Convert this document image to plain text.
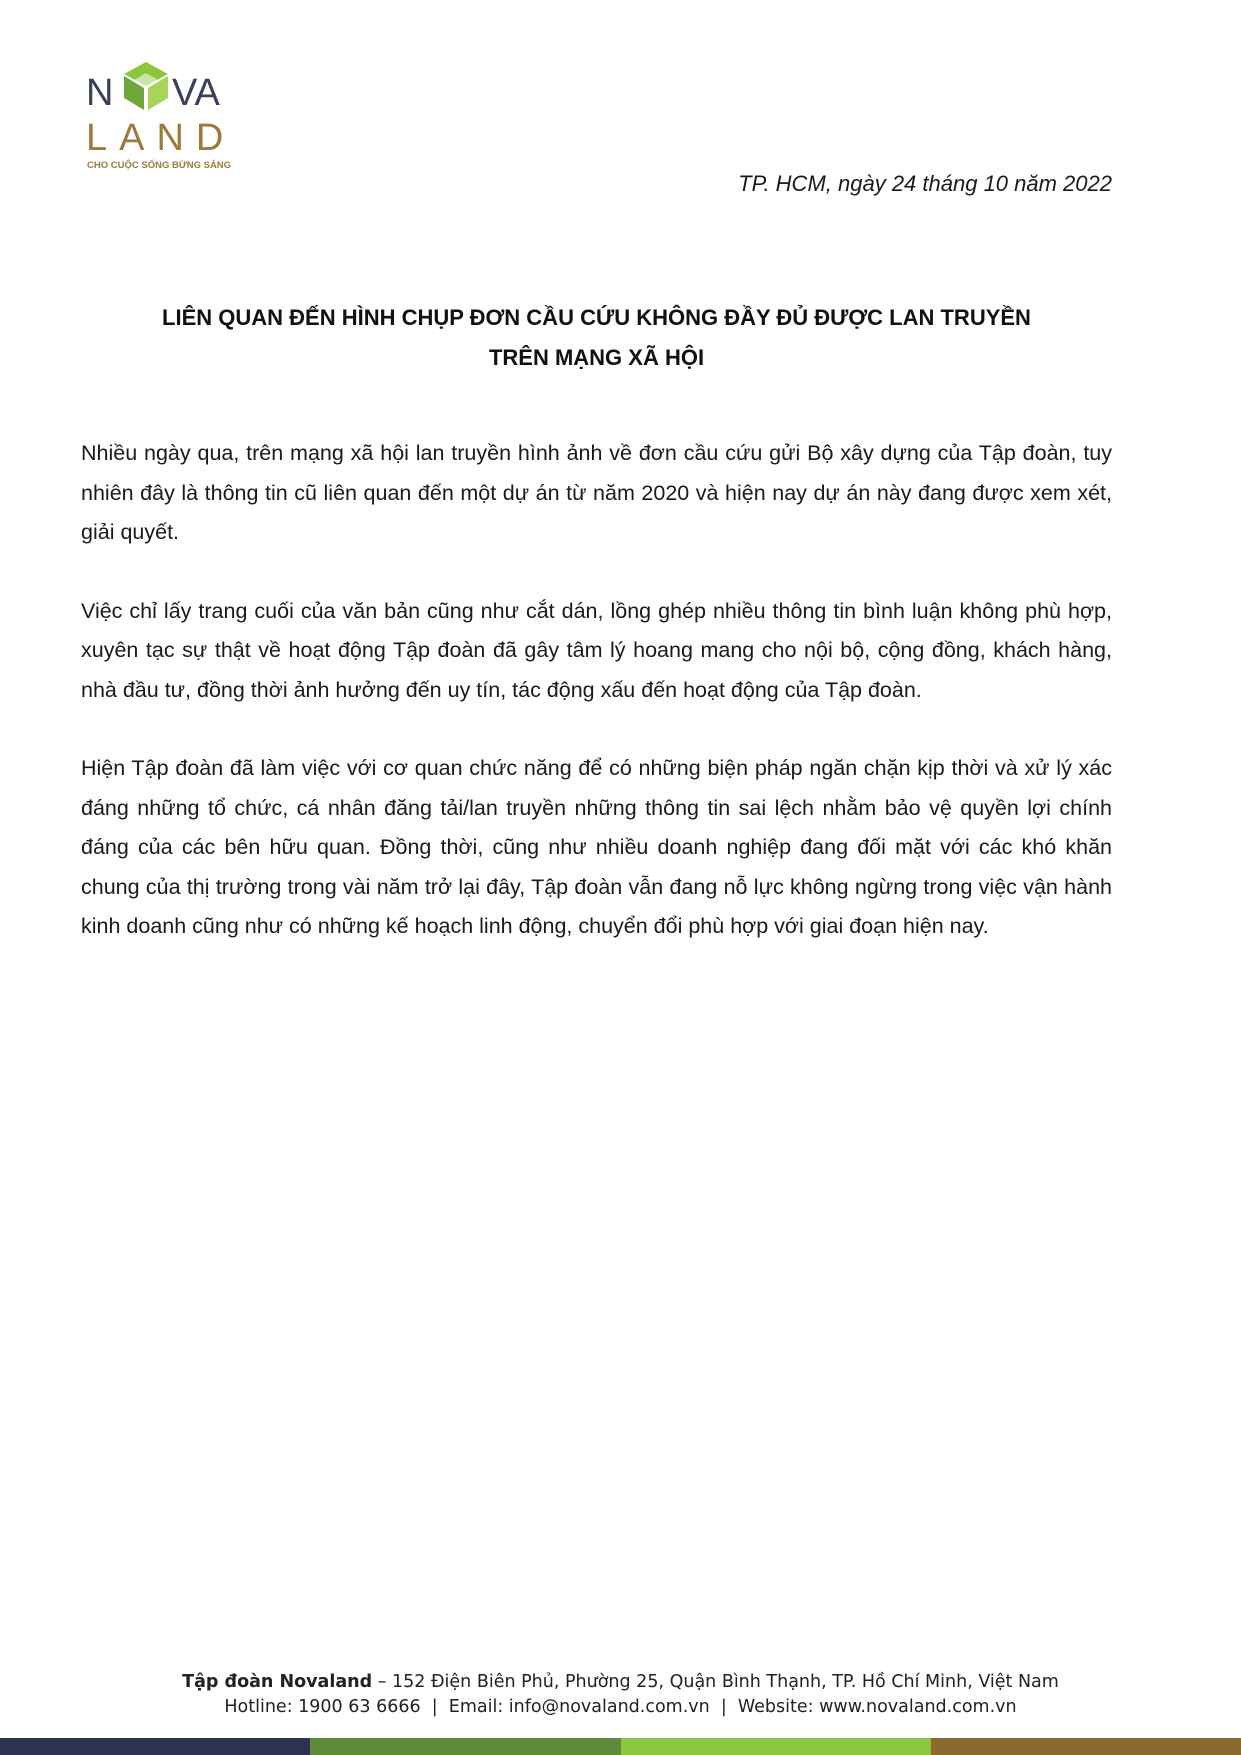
N VA
LAND
CHO CUỘC SỐNG BỪNG SÁNG
TP. HCM, ngày 24 tháng 10 năm 2022
LIÊN QUAN ĐẾN HÌNH CHỤP ĐƠN CẦU CỨU KHÔNG ĐẦY ĐỦ ĐƯỢC LAN TRUYỀN
TRÊN MẠNG XÃ HỘI

Nhiều ngày qua, trên mạng xã hội lan truyền hình ảnh về đơn cầu cứu gửi Bộ xây dựng của Tập đoàn, tuy nhiên đây là thông tin cũ liên quan đến một dự án từ năm 2020 và hiện nay dự án này đang được xem xét, giải quyết.

Việc chỉ lấy trang cuối của văn bản cũng như cắt dán, lồng ghép nhiều thông tin bình luận không phù hợp, xuyên tạc sự thật về hoạt động Tập đoàn đã gây tâm lý hoang mang cho nội bộ, cộng đồng, khách hàng, nhà đầu tư, đồng thời ảnh hưởng đến uy tín, tác động xấu đến hoạt động của Tập đoàn.

Hiện Tập đoàn đã làm việc với cơ quan chức năng để có những biện pháp ngăn chặn kịp thời và xử lý xác đáng những tổ chức, cá nhân đăng tải/lan truyền những thông tin sai lệch nhằm bảo vệ quyền lợi chính đáng của các bên hữu quan. Đồng thời, cũng như nhiều doanh nghiệp đang đối mặt với các khó khăn chung của thị trường trong vài năm trở lại đây, Tập đoàn vẫn đang nỗ lực không ngừng trong việc vận hành kinh doanh cũng như có những kế hoạch linh động, chuyển đổi phù hợp với giai đoạn hiện nay.

Tập đoàn Novaland – 152 Điện Biên Phủ, Phường 25, Quận Bình Thạnh, TP. Hồ Chí Minh, Việt Nam
Hotline: 1900 63 6666  |  Email: info@novaland.com.vn  |  Website: www.novaland.com.vn
